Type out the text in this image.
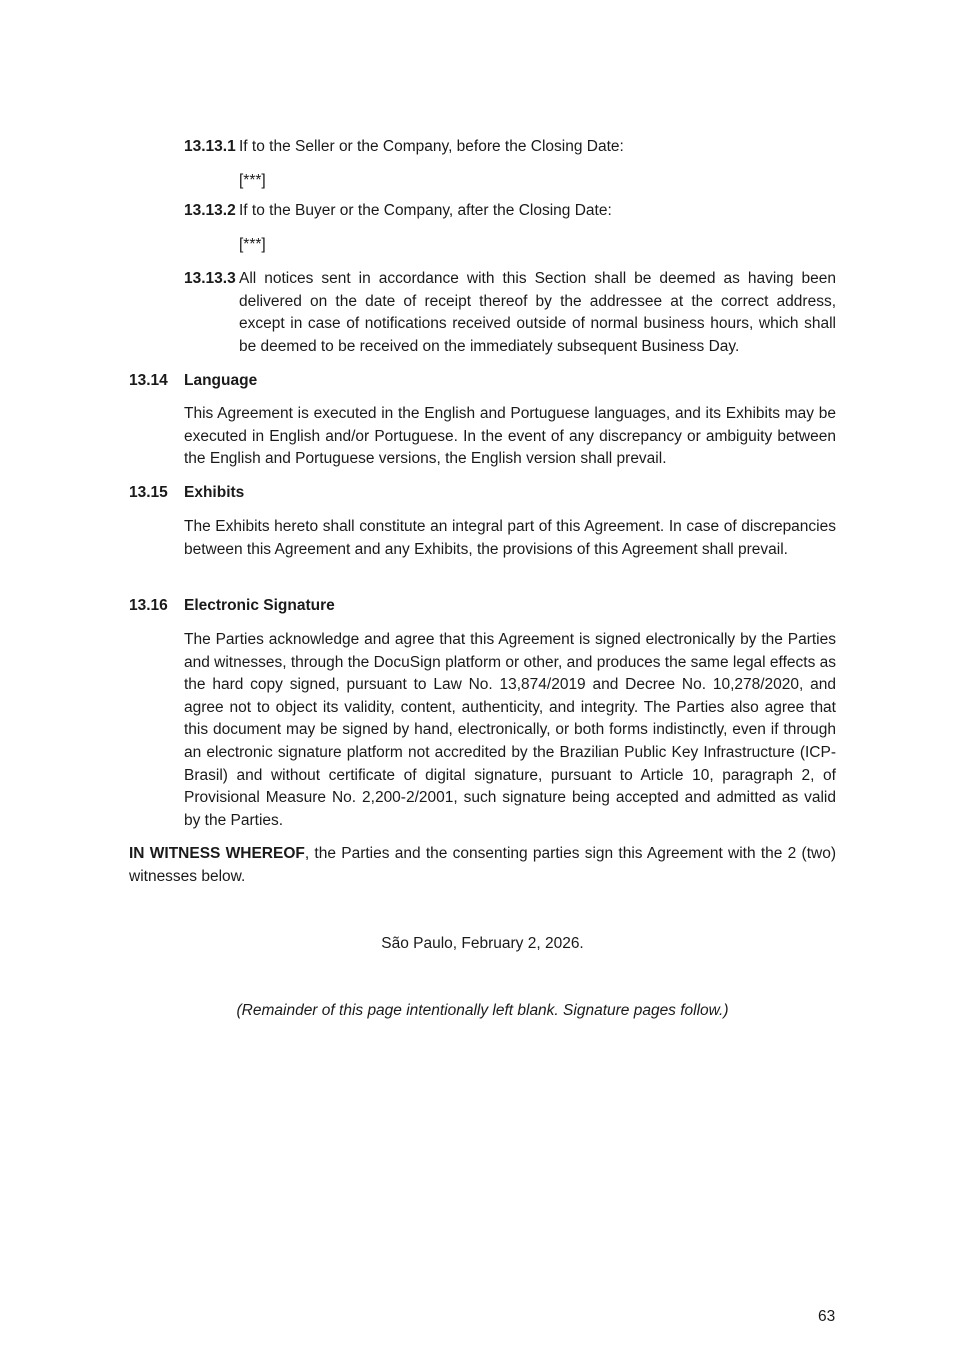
13.13.1 If to the Seller or the Company, before the Closing Date:
[***]
13.13.2 If to the Buyer or the Company, after the Closing Date:
[***]
13.13.3 All notices sent in accordance with this Section shall be deemed as having been delivered on the date of receipt thereof by the addressee at the correct address, except in case of notifications received outside of normal business hours, which shall be deemed to be received on the immediately subsequent Business Day.
13.14 Language
This Agreement is executed in the English and Portuguese languages, and its Exhibits may be executed in English and/or Portuguese. In the event of any discrepancy or ambiguity between the English and Portuguese versions, the English version shall prevail.
13.15 Exhibits
The Exhibits hereto shall constitute an integral part of this Agreement. In case of discrepancies between this Agreement and any Exhibits, the provisions of this Agreement shall prevail.
13.16 Electronic Signature
The Parties acknowledge and agree that this Agreement is signed electronically by the Parties and witnesses, through the DocuSign platform or other, and produces the same legal effects as the hard copy signed, pursuant to Law No. 13,874/2019 and Decree No. 10,278/2020, and agree not to object its validity, content, authenticity, and integrity. The Parties also agree that this document may be signed by hand, electronically, or both forms indistinctly, even if through an electronic signature platform not accredited by the Brazilian Public Key Infrastructure (ICP-Brasil) and without certificate of digital signature, pursuant to Article 10, paragraph 2, of Provisional Measure No. 2,200-2/2001, such signature being accepted and admitted as valid by the Parties.
IN WITNESS WHEREOF, the Parties and the consenting parties sign this Agreement with the 2 (two) witnesses below.
São Paulo, February 2, 2026.
(Remainder of this page intentionally left blank. Signature pages follow.)
63
